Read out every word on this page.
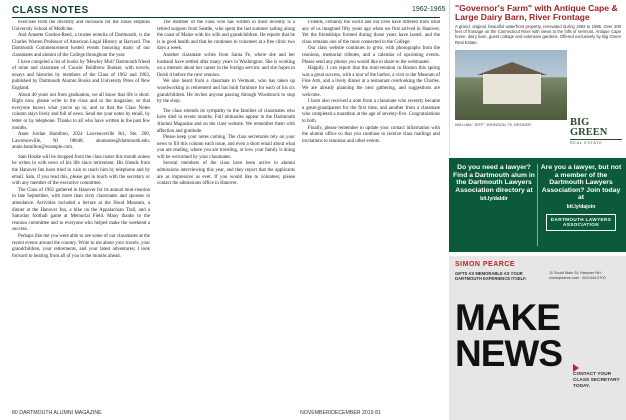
CLASS NOTES	1962-1965

exercises from the diversity and inclusion for the Jonas Hopkins University School of Medicine.

And Annette Gordon-Reed, a trustee emerita of Dartmouth, is the Charles Warren Professor of American Legal History at Harvard. The Dartmouth Commencement hosted events honoring many of our classmates and alumni of the College throughout the year.

I have compiled a list of books by 'Mewley Mull' Dartmouth friend of mine and classmate of 'Cousin' Boldbrew Bunker, with novels, essays and histories by members of the Class of 1962 and 1963, published by Dartmouth Alumni Books and University Press of New England.

About 40 years out from graduation, we all know that life is short. Right now, please write to the class and to the magazine, so that everyone knows what you're up to, and so that the Class Notes column stays lively and full of news. Send me your notes by email, by letter or by telephone. Thanks to all who have written in the past few months.

Anne Jordan Hamilton, 2024 Lawrenceville Rd., Ste. 200, Lawrenceville, NJ 08648; alumnotes@dartmouth.edu; annie.hamilton@example.com.

Sam Hooke will be dropped from the class roster this month unless he writes in with news of his life since retirement. His friends from the Hanover Inn have tried in vain to reach him by telephone and by email. Sam, if you read this, please get in touch with the secretary or with any member of the executive committee.

The Class of 1962 gathered in Hanover for its annual mini-reunion in late September, with more than sixty classmates and spouses in attendance. Activities included a lecture at the Hood Museum, a dinner at the Hanover Inn, a hike on the Appalachian Trail, and a Saturday football game at Memorial Field. Many thanks to the reunion committee and to everyone who helped make the weekend a success.

Perhaps like me you were able to see some of our classmates at the recent events around the country. Write to me about your travels, your grandchildren, your retirements, and your latest adventures; I look forward to hearing from all of you in the months ahead.

The member of the class who has written in most recently is a retired surgeon from Seattle, who spent the last summer sailing along the coast of Maine with his wife and grandchildren. He reports that he is in good health and that he continues to volunteer at a free clinic two days a week.

Another classmate writes from Santa Fe, where she and her husband have settled after many years in Washington. She is working on a memoir about her career in the foreign service, and she hopes to finish it before the next reunion.

We also heard from a classmate in Vermont, who has taken up woodworking in retirement and has built furniture for each of his six grandchildren. He invites anyone passing through Woodstock to stop by the shop.

The class extends its sympathy to the families of classmates who have died in recent months. Full obituaries appear in the Dartmouth Alumni Magazine and on the class website. We remember them with affection and gratitude.

Please keep your notes coming. The class secretaries rely on your news to fill this column each issue, and even a short email about what you are reading, where you are traveling, or how your family is doing will be welcomed by your classmates.

Several members of the class have been active in alumni admissions interviewing this year, and they report that the applicants are as impressive as ever. If you would like to volunteer, please contact the admissions office in Hanover.

Friends, certainly the world and our lives have differed from what any of us imagined fifty years ago when we first arrived in Hanover. Yet the friendships formed during those years have lasted, and the class remains one of the most connected in the College.

Our class website continues to grow, with photographs from the reunions, memorial tributes, and a calendar of upcoming events. Please send any photos you would like to share to the webmaster.

Happily, I can report that the mini-reunion in Boston this spring was a great success, with a tour of the harbor, a visit to the Museum of Fine Arts, and a lively dinner at a restaurant overlooking the Charles. We are already planning the next gathering, and suggestions are welcome.

I have also received a note from a classmate who recently became a great-grandparent for the first time, and another from a classmate who completed a marathon at the age of seventy-five. Congratulations to both.

Finally, please remember to update your contact information with the alumni office so that you continue to receive class mailings and invitations to reunions and other events.

80 DARTMOUTH ALUMNI MAGAZINE	NOVEMBER/DECEMBER 2019 81
"Governor's Farm" with Antique Cape & Large Dairy Barn, River Frontage
A grand, original, beautiful waterfront property, renovated during 1992 to 1995. Over 200 feet of frontage on the Connecticut River with views to the hills of Vermont. Antique Cape home, dairy barn, guest cottage and extensive gardens. Offered exclusively by Big Green Real Estate.
WILLIAM "JEFF" JOHNSON '70, BROKER	BIG GREEN
REAL ESTATE
Do you need a lawyer? Find a Dartmouth alum in the Dartmouth Lawyers Association directory at
bit.ly/daldir
Are you a lawyer, but not a member of the Dartmouth Lawyers Association? Join today at
bit.ly/dajoin
DARTMOUTH LAWYERS ASSOCIATION
SIMON PEARCE
GIFTS AS MEMORABLE AS YOUR DARTMOUTH EXPERIENCE ITSELF.
11 South Main St, Hanover NH · simonpearce.com · 603.643.0700
MAKE NEWS
CONTACT YOUR CLASS SECRETARY TODAY.
